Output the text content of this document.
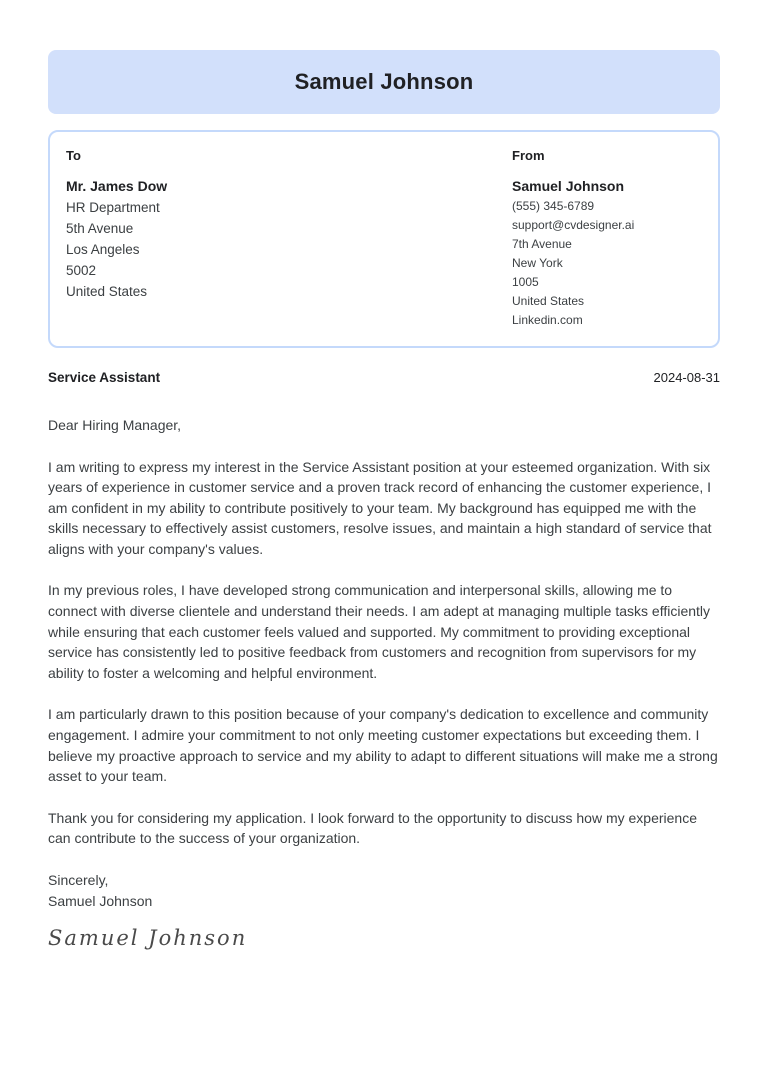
Samuel Johnson
To
Mr. James Dow
HR Department
5th Avenue
Los Angeles
5002
United States
From
Samuel Johnson
(555) 345-6789
support@cvdesigner.ai
7th Avenue
New York
1005
United States
Linkedin.com
Service Assistant	2024-08-31
Dear Hiring Manager,
I am writing to express my interest in the Service Assistant position at your esteemed organization. With six years of experience in customer service and a proven track record of enhancing the customer experience, I am confident in my ability to contribute positively to your team. My background has equipped me with the skills necessary to effectively assist customers, resolve issues, and maintain a high standard of service that aligns with your company's values.
In my previous roles, I have developed strong communication and interpersonal skills, allowing me to connect with diverse clientele and understand their needs. I am adept at managing multiple tasks efficiently while ensuring that each customer feels valued and supported. My commitment to providing exceptional service has consistently led to positive feedback from customers and recognition from supervisors for my ability to foster a welcoming and helpful environment.
I am particularly drawn to this position because of your company's dedication to excellence and community engagement. I admire your commitment to not only meeting customer expectations but exceeding them. I believe my proactive approach to service and my ability to adapt to different situations will make me a strong asset to your team.
Thank you for considering my application. I look forward to the opportunity to discuss how my experience can contribute to the success of your organization.
Sincerely,
Samuel Johnson
Samuel Johnson
